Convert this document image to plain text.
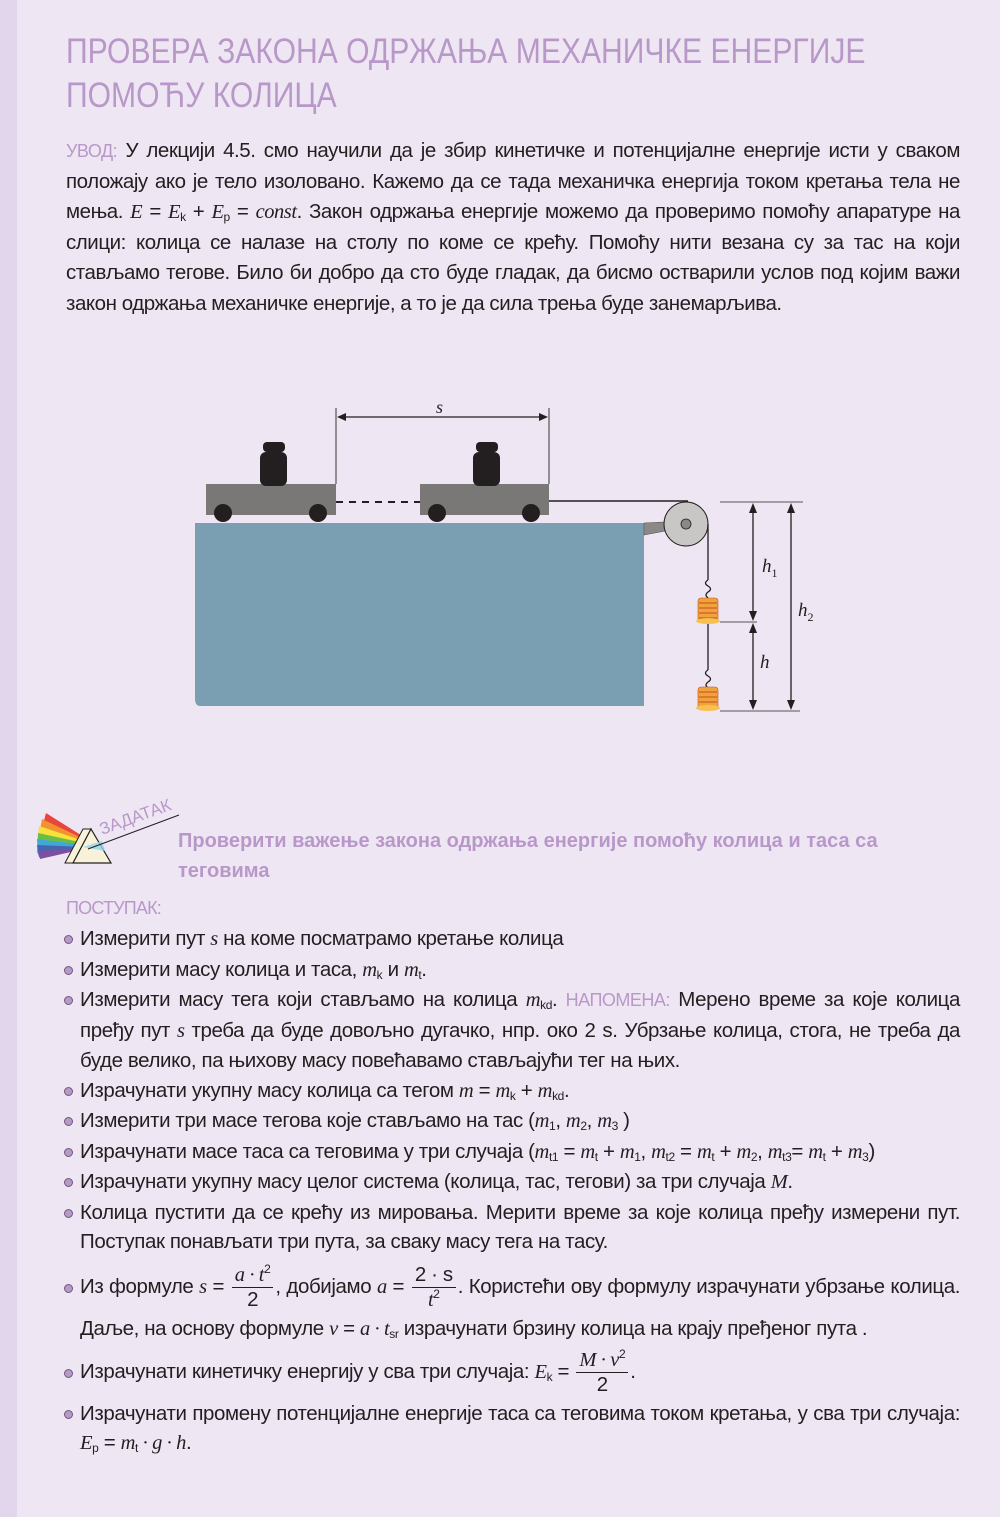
ПРОВЕРА ЗАКОНА ОДРЖАЊА МЕХАНИЧКЕ ЕНЕРГИЈЕ
ПОМОЋУ КОЛИЦА
УВОД: У лекцији 4.5. смо научили да је збир кинетичке и потенцијалне енергије исти у сваком положају ако је тело изоловано. Кажемо да се тада механичка енергија током кретања тела не мења. $E = E_k + E_p$ = const. Закон одржања енергије можемо да проверимо помоћу апаратуре на слици: колица се налазе на столу по коме се крећу. Помоћу нити везана су за тас на који стављамо тегове. Било би добро да сто буде гладак, да бисмо остварили услов под којим важи закон одржања механичке енергије, а то је да сила трења буде занемарљива.
s
$h_1$
$h_2$
h
ЗАДАТАК
Проверити важење закона одржања енергије помоћу колица и таса са теговима
ПОСТУПАК:
Измерити пут s на коме посматрамо кретање колица
Измерити масу колица и таса, $m_k$ и $m_t$.
Измерити масу тега који стављамо на колица $m_{kd}$. НАПОМЕНА: Мерено време за које колица пређу пут s треба да буде довољно дугачко, нпр. око 2 s. Убрзање колица, стога, не треба да буде велико, па њихову масу повећавамо стављајући тег на њих.
Израчунати укупну масу колица са тегом $m = m_k + m_{kd}$.
Измерити три масе тегова које стављамо на тас ($m_1$, $m_2$, $m_3$ )
Израчунати масе таса са теговима у три случаја ($m_{t1} = m_t + m_1$, $m_{t2} = m_t + m_2$, $m_{t3}= m_t + m_3$)
Израчунати укупну масу целог система (колица, тас, тегови) за три случаја M.
Колица пустити да се крећу из мировања. Мерити време за које колица пређу измерени пут. Поступак понављати три пута, за сваку масу тега на тасу.
Из формуле $s = \frac{a \cdot t^2}{2}$ , добијамо $a = \frac{2 \cdot s}{t^2}$ . Користећи ову формулу израчунати убрзање колица. Даље, на основу формуле $v = a \cdot t_{sr}$ израчунати брзину колица на крају пређеног пута .
Израчунати кинетичку енергију у сва три случаја: $E_k = \frac{M \cdot v^2}{2}$ .
Израчунати промену потенцијалне енергије таса са теговима током кретања, у сва три случаја: $E_p = m_t \cdot g \cdot h$.
